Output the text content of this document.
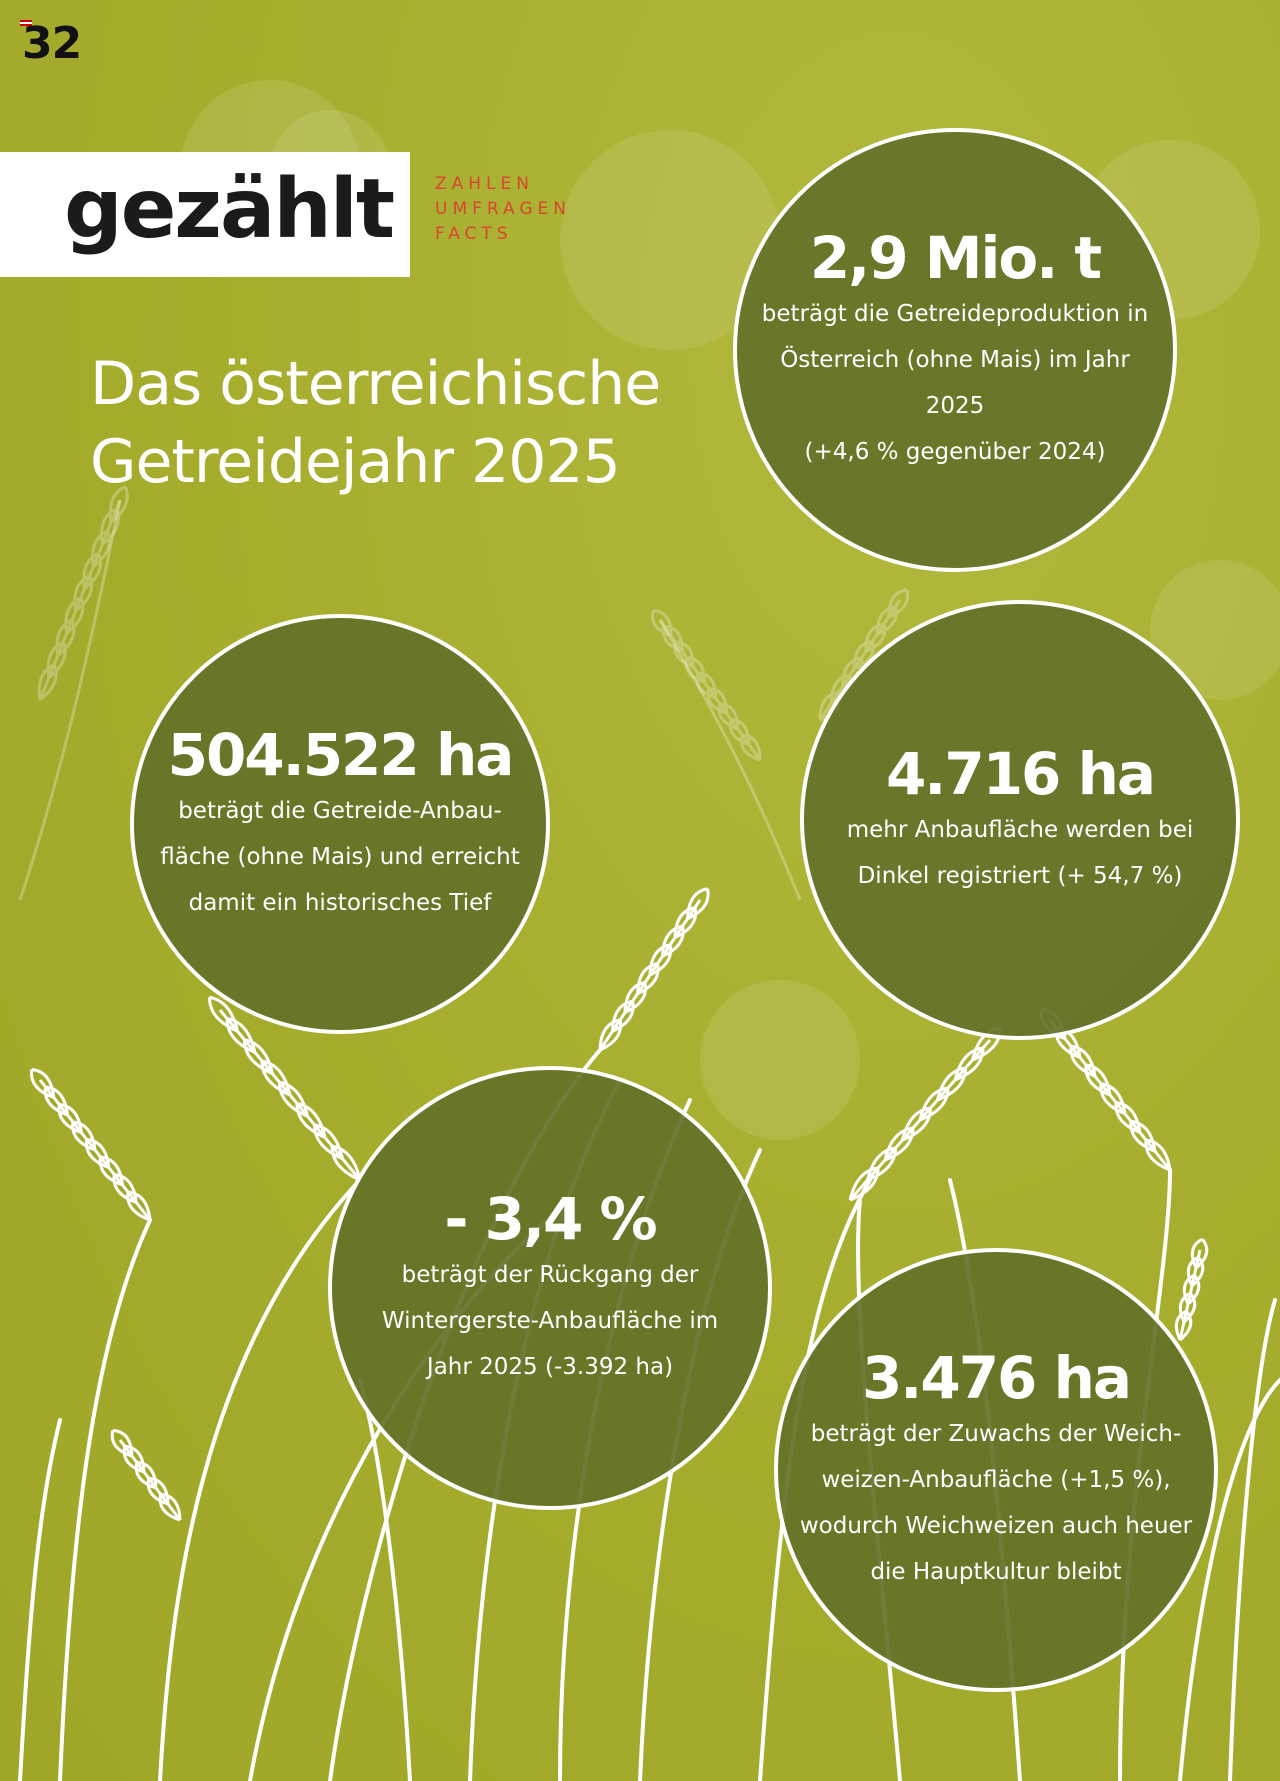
32
gezählt ZAHLEN
UMFRAGEN
FACTS
Das österreichische
Getreidejahr 2025
2,9 Mio. t
beträgt die Getreideproduktion in
Österreich (ohne Mais) im Jahr
2025
(+4,6 % gegenüber 2024)
504.522 ha
beträgt die Getreide-Anbau-
fläche (ohne Mais) und erreicht
damit ein historisches Tief
4.716 ha
mehr Anbaufläche werden bei
Dinkel registriert (+ 54,7 %)
- 3,4 %
beträgt der Rückgang der
Wintergerste-Anbaufläche im
Jahr 2025 (-3.392 ha)	3.476 ha
beträgt der Zuwachs der Weich-
weizen-Anbaufläche (+1,5 %),
wodurch Weichweizen auch heuer
die Hauptkultur bleibt
